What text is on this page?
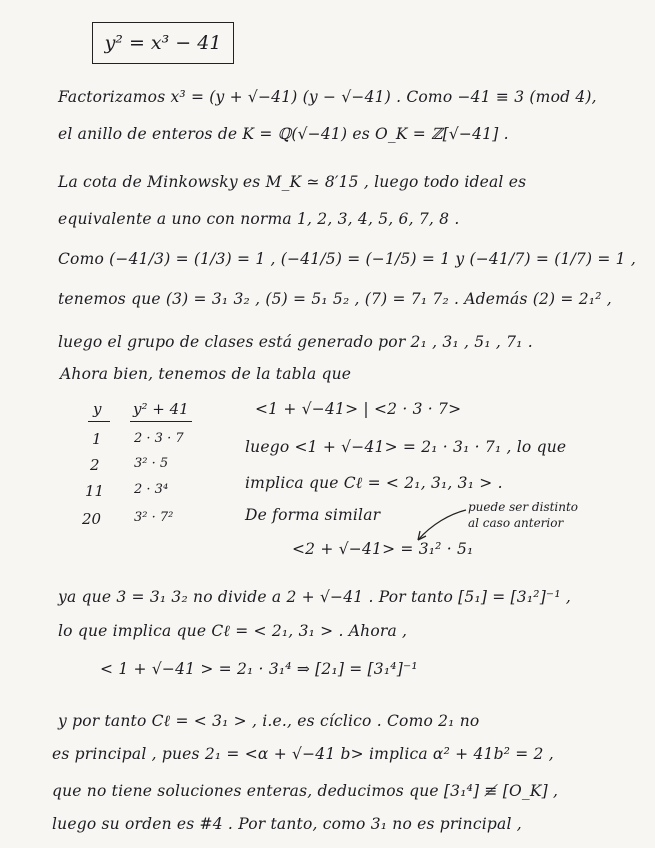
y² = x³ − 41
Factorizamos x³ = (y + √−41) (y − √−41) . Como −41 ≡ 3 (mod 4),
el anillo de enteros de K = ℚ(√−41) es O_K = ℤ[√−41] .
La cota de Minkowsky es M_K ≃ 8′15 , luego todo ideal es
equivalente a uno con norma 1, 2, 3, 4, 5, 6, 7, 8 .
Como (−41/3) = (1/3) = 1 , (−41/5) = (−1/5) = 1 y (−41/7) = (1/7) = 1 ,
tenemos que (3) = 3₁ 3₂ , (5) = 5₁ 5₂ , (7) = 7₁ 7₂ . Además (2) = 2₁² ,
luego el grupo de clases está generado por 2₁ , 3₁ , 5₁ , 7₁ .
Ahora bien, tenemos de la tabla que
y y² + 41
1 2 · 3 · 7
2	3² · 5
11 2 · 3⁴
20	3² · 7²
<1 + √−41> | <2 · 3 · 7>
luego <1 + √−41> = 2₁ · 3₁ · 7₁ , lo que
implica que Cℓ = < 2₁, 3₁, 3₁ > .
De forma similar
<2 + √−41> = 3₁² · 5₁
puede ser distinto
al caso anterior
ya que 3 = 3₁ 3₂ no divide a 2 + √−41 . Por tanto [5₁] = [3₁²]⁻¹ ,
lo que implica que Cℓ = < 2₁, 3₁ > . Ahora ,
< 1 + √−41 > = 2₁ · 3₁⁴ ⇒ [2₁] = [3₁⁴]⁻¹
y por tanto Cℓ = < 3₁ > , i.e., es cíclico . Como 2₁ no
es principal , pues 2₁ = <α + √−41 b> implica α² + 41b² = 2 ,
que no tiene soluciones enteras, deducimos que [3₁⁴] ≢ [O_K] ,
luego su orden es #4 . Por tanto, como 3₁ no es principal ,
